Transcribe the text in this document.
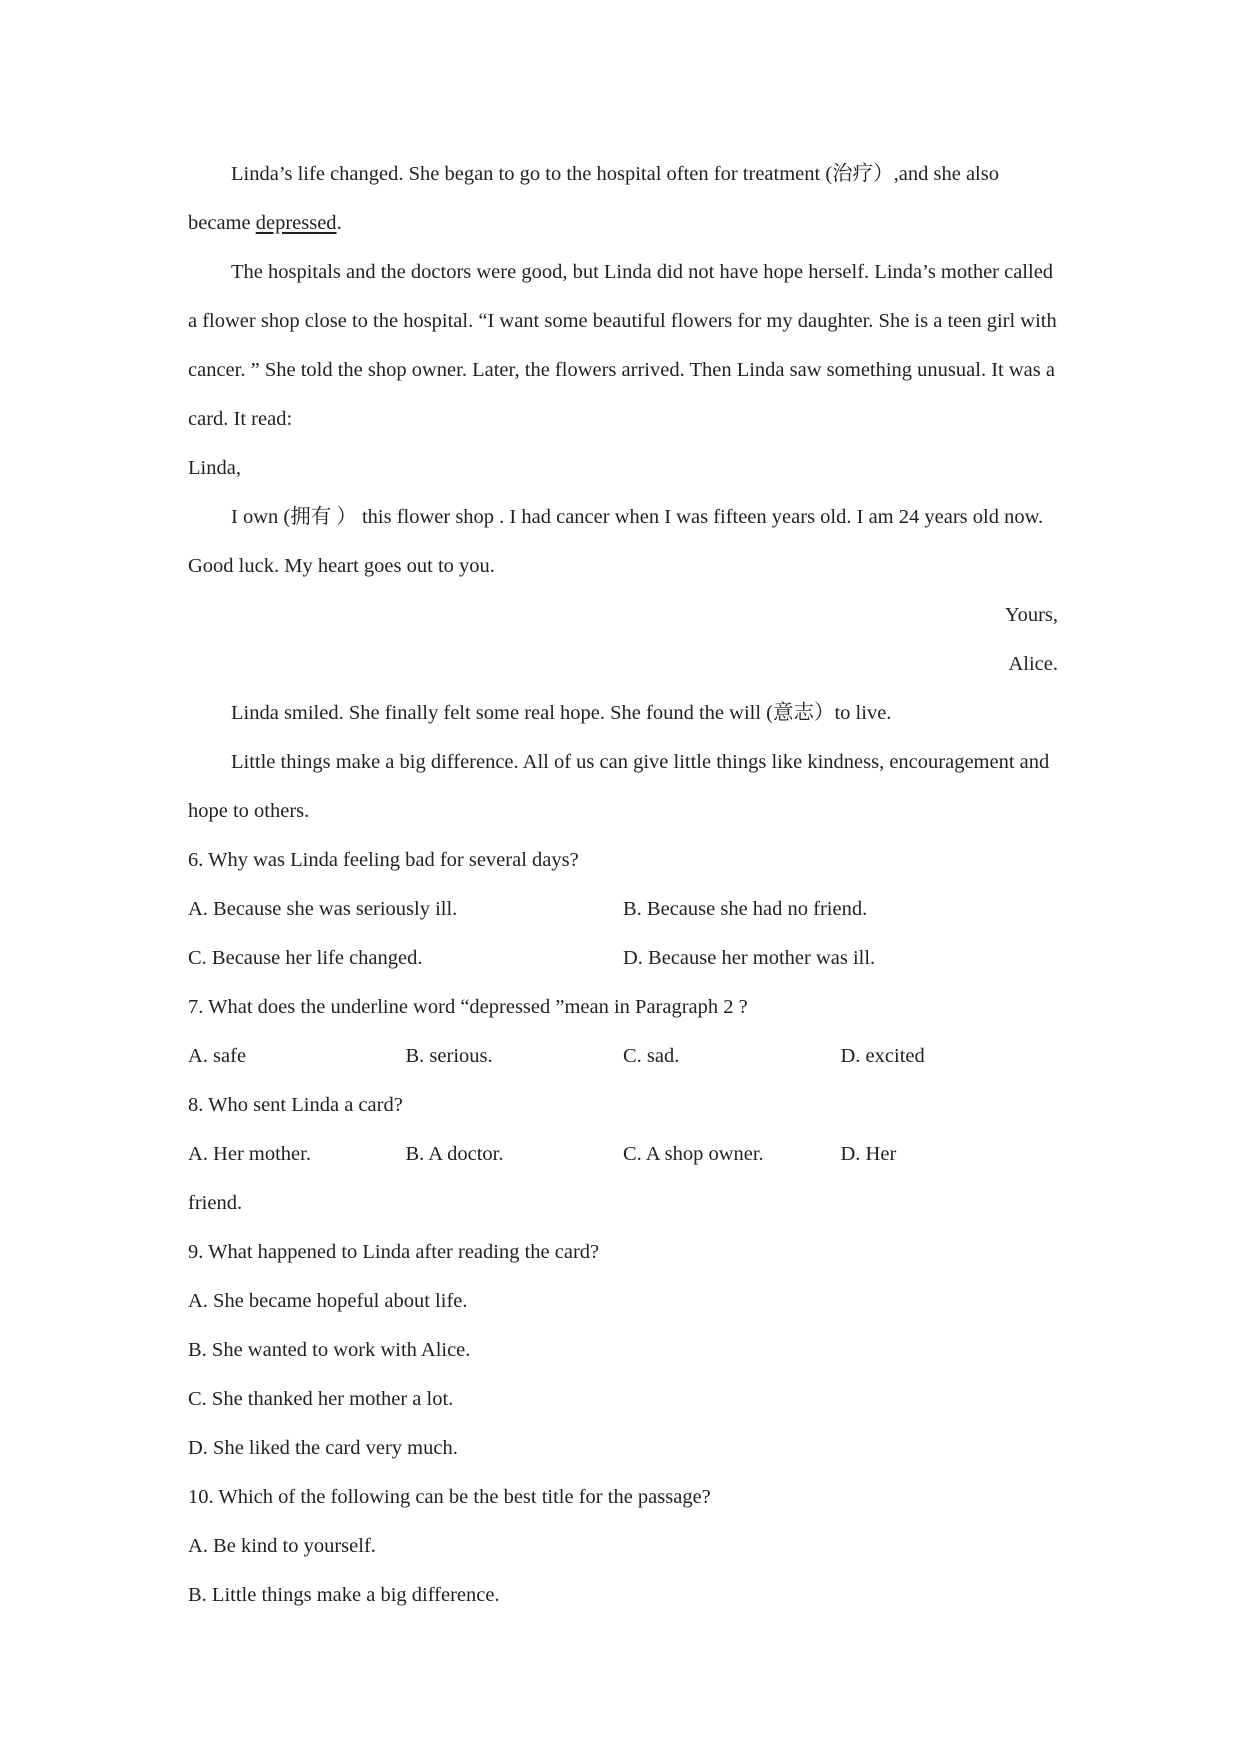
Linda’s life changed. She began to go to the hospital often for treatment (治疗）,and she also became depressed.

The hospitals and the doctors were good, but Linda did not have hope herself. Linda’s mother called a flower shop close to the hospital. “I want some beautiful flowers for my daughter. She is a teen girl with cancer. ” She told the shop owner. Later, the flowers arrived. Then Linda saw something unusual. It was a card. It read:

Linda,

I own (拥有 ） this flower shop . I had cancer when I was fifteen years old. I am 24 years old now. Good luck. My heart goes out to you.

Yours,

Alice.

Linda smiled. She finally felt some real hope. She found the will (意志）to live.

Little things make a big difference. All of us can give little things like kindness, encouragement and hope to others.

6. Why was Linda feeling bad for several days?

A. Because she was seriously ill.	B. Because she had no friend.
C. Because her life changed.	D. Because her mother was ill.

7. What does the underline word “depressed ”mean in Paragraph 2 ?

A. safe	B. serious.	C. sad.	D. excited

8. Who sent Linda a card?

A. Her mother.	B. A doctor.	C. A shop owner.	D. Her

friend.

9. What happened to Linda after reading the card?

A. She became hopeful about life.

B. She wanted to work with Alice.

C. She thanked her mother a lot.

D. She liked the card very much.

10. Which of the following can be the best title for the passage?

A. Be kind to yourself.

B. Little things make a big difference.
